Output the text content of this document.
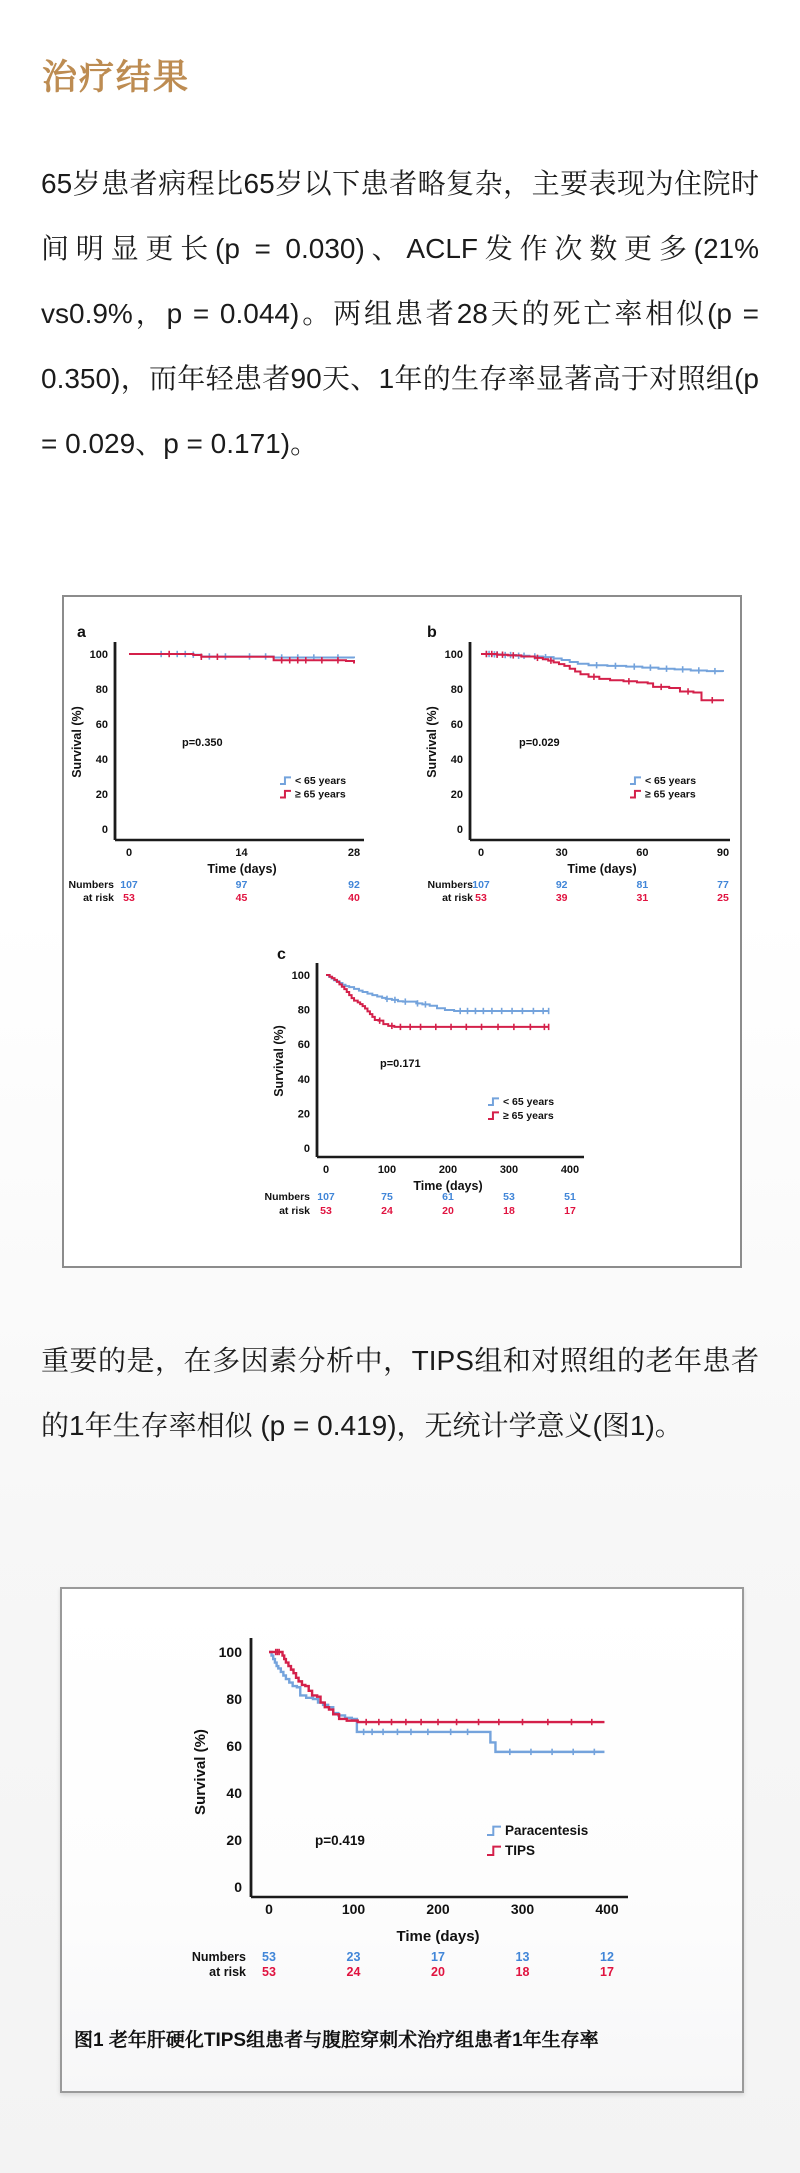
治疗结果

65岁患者病程比65岁以下患者略复杂，主要表现为住院时间明显更长(p = 0.030)、ACLF发作次数更多(21% vs0.9%，p = 0.044)。两组患者28天的死亡率相似(p = 0.350)，而年轻患者90天、1年的生存率显著高于对照组(p = 0.029、p = 0.171)。

a
100
80
60
40
20
0
0	14	28
Time (days)
Survival (%)	p=0.350
< 65 years
≥ 65 years
Numbers
at risk
107	97	92
53	45	40
b
100
80
60
40
20
0
0	30	60	90
Time (days)
Survival (%)	p=0.029
< 65 years
≥ 65 years
Numbers
at risk
107	92	81	77
53	39	31	25
c
100
80
60
40
20
0
0	100	200	300	400
Time (days)
Survival (%)	p=0.171
< 65 years
≥ 65 years
Numbers
at risk
107	75	61	53	51
53	24	20	18	17

重要的是，在多因素分析中，TIPS组和对照组的老年患者的1年生存率相似 (p = 0.419)，无统计学意义(图1)。

100
80
60
40
20
0
0	100	200	300	400
Time (days)
Survival (%)
p=0.419
Paracentesis
TIPS
Numbers
at risk
53	23	17	13	12
53	24	20	18	17
图1 老年肝硬化TIPS组患者与腹腔穿刺术治疗组患者1年生存率
